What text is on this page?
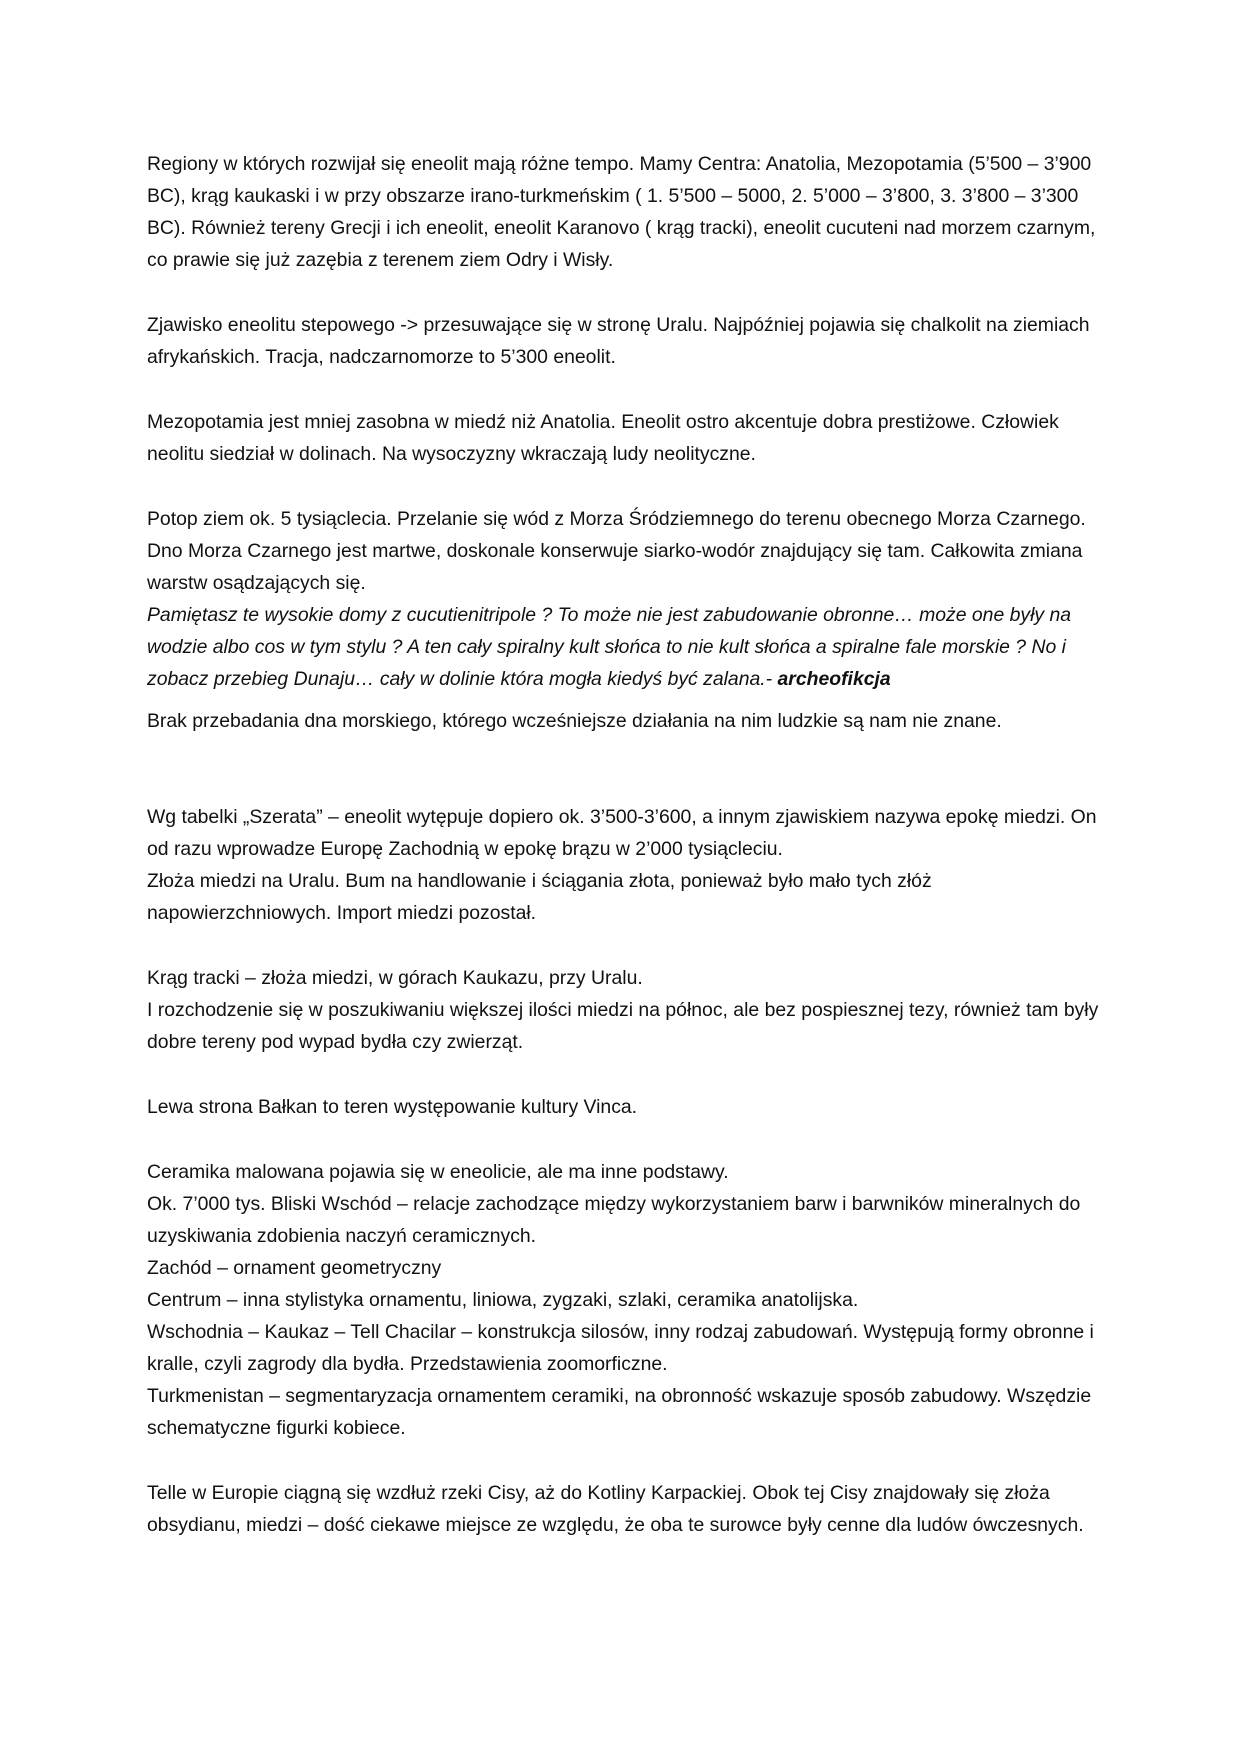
Regiony w których rozwijał się eneolit mają różne tempo. Mamy Centra: Anatolia, Mezopotamia (5’500 – 3’900 BC), krąg kaukaski i w przy obszarze irano-turkmeńskim ( 1. 5’500 – 5000, 2. 5’000 – 3’800, 3. 3’800 – 3’300 BC). Również tereny Grecji i ich eneolit, eneolit Karanovo ( krąg tracki), eneolit cucuteni nad morzem czarnym, co prawie się już zazębia z terenem ziem Odry i Wisły.

Zjawisko eneolitu stepowego -> przesuwające się w stronę Uralu. Najpóźniej pojawia się chalkolit na ziemiach afrykańskich. Tracja, nadczarnomorze to 5’300 eneolit.

Mezopotamia jest mniej zasobna w miedź niż Anatolia. Eneolit ostro akcentuje dobra prestiżowe. Człowiek neolitu siedział w dolinach. Na wysoczyzny wkraczają ludy neolityczne.

Potop ziem ok. 5 tysiąclecia. Przelanie się wód z Morza Śródziemnego do terenu obecnego Morza Czarnego.
Dno Morza Czarnego jest martwe, doskonale konserwuje siarko-wodór znajdujący się tam. Całkowita zmiana warstw osądzających się.
Pamiętasz te wysokie domy z cucutienitripole ? To może nie jest zabudowanie obronne… może one były na wodzie albo cos w tym stylu ? A ten cały spiralny kult słońca to nie kult słońca a spiralne fale morskie ? No i zobacz przebieg Dunaju… cały w dolinie która mogła kiedyś być zalana.- archeofikcja

Brak przebadania dna morskiego, którego wcześniejsze działania na nim ludzkie są nam nie znane.

Wg tabelki „Szerata” – eneolit wytępuje dopiero ok. 3’500-3’600, a innym zjawiskiem nazywa epokę miedzi. On od razu wprowadze Europę Zachodnią w epokę brązu w 2’000 tysiącleciu.
Złoża miedzi na Uralu. Bum na handlowanie i ściągania złota, ponieważ było mało tych złóż napowierzchniowych. Import miedzi pozostał.
Krąg tracki – złoża miedzi, w górach Kaukazu, przy Uralu.
I rozchodzenie się w poszukiwaniu większej ilości miedzi na północ, ale bez pospiesznej tezy, również tam były dobre tereny pod wypad bydła czy zwierząt.

Lewa strona Bałkan to teren występowanie kultury Vinca.

Ceramika malowana pojawia się w eneolicie, ale ma inne podstawy.
Ok. 7’000 tys. Bliski Wschód – relacje zachodzące między wykorzystaniem barw i barwników mineralnych do uzyskiwania zdobienia naczyń ceramicznych.
Zachód – ornament geometryczny
Centrum – inna stylistyka ornamentu, liniowa, zygzaki, szlaki, ceramika anatolijska.
Wschodnia – Kaukaz – Tell Chacilar – konstrukcja silosów, inny rodzaj zabudowań. Występują formy obronne i kralle, czyli zagrody dla bydła. Przedstawienia zoomorficzne.
Turkmenistan – segmentaryzacja ornamentem ceramiki, na obronność wskazuje sposób zabudowy. Wszędzie schematyczne figurki kobiece.

Telle w Europie ciągną się wzdłuż rzeki Cisy, aż do Kotliny Karpackiej. Obok tej Cisy znajdowały się złoża obsydianu, miedzi – dość ciekawe miejsce ze względu, że oba te surowce były cenne dla ludów ówczesnych.
